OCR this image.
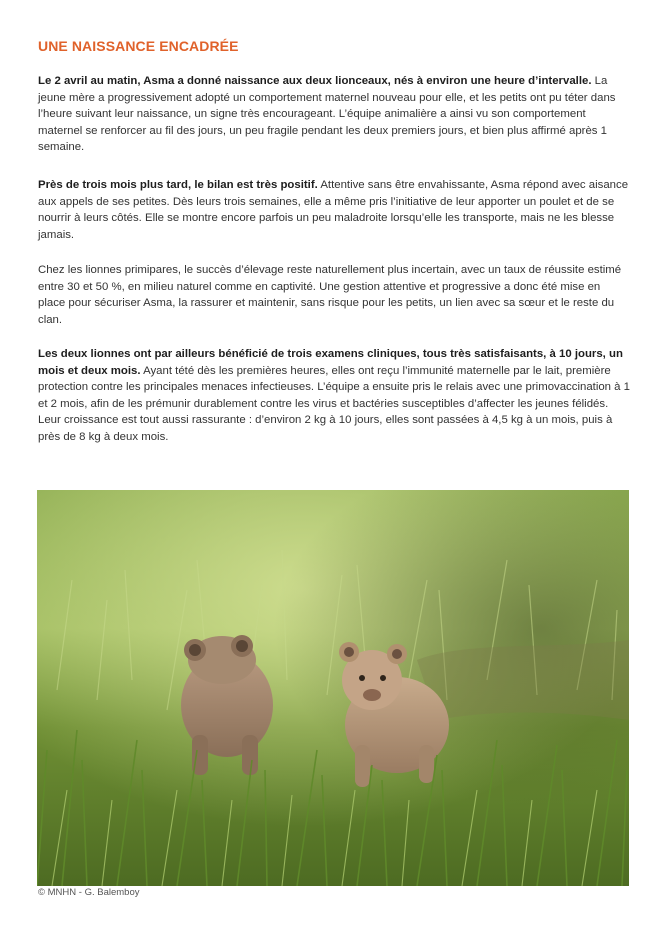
UNE NAISSANCE ENCADRÉE

Le 2 avril au matin, Asma a donné naissance aux deux lionceaux, nés à environ une heure d’intervalle. La jeune mère a progressivement adopté un comportement maternel nouveau pour elle, et les petits ont pu téter dans l’heure suivant leur naissance, un signe très encourageant. L’équipe animalière a ainsi vu son comportement maternel se renforcer au fil des jours, un peu fragile pendant les deux premiers jours, et bien plus affirmé après 1 semaine.

Près de trois mois plus tard, le bilan est très positif. Attentive sans être envahissante, Asma répond avec aisance aux appels de ses petites. Dès leurs trois semaines, elle a même pris l’initiative de leur apporter un poulet et de se nourrir à leurs côtés. Elle se montre encore parfois un peu maladroite lorsqu’elle les transporte, mais ne les blesse jamais.

Chez les lionnes primipares, le succès d’élevage reste naturellement plus incertain, avec un taux de réussite estimé entre 30 et 50 %, en milieu naturel comme en captivité. Une gestion attentive et progressive a donc été mise en place pour sécuriser Asma, la rassurer et maintenir, sans risque pour les petits, un lien avec sa sœur et le reste du clan.

Les deux lionnes ont par ailleurs bénéficié de trois examens cliniques, tous très satisfaisants, à 10 jours, un mois et deux mois. Ayant tété dès les premières heures, elles ont reçu l’immunité maternelle par le lait, première protection contre les principales menaces infectieuses. L’équipe a ensuite pris le relais avec une primovaccination à 1 et 2 mois, afin de les prémunir durablement contre les virus et bactéries susceptibles d’affecter les jeunes félidés. Leur croissance est tout aussi rassurante : d’environ 2 kg à 10 jours, elles sont passées à 4,5 kg à un mois, puis à près de 8 kg à deux mois.

© MNHN - G. Balemboy
